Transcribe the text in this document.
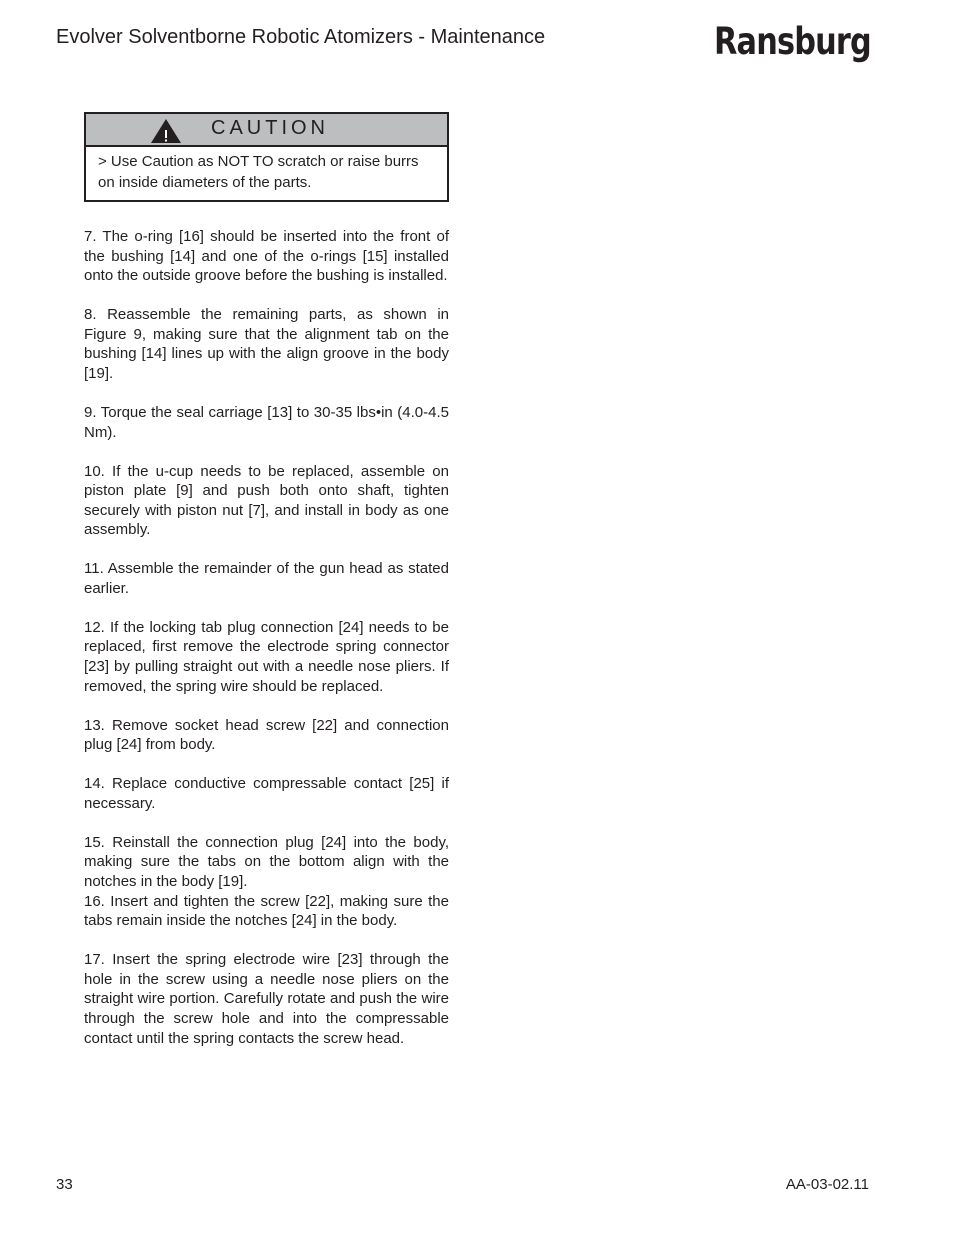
Evolver Solventborne Robotic Atomizers - Maintenance	Ransburg
CAUTION
> Use Caution as NOT TO scratch or raise burrs on inside diameters of the parts.

7. The o-ring [16] should be inserted into the front of the bushing [14] and one of the o-rings [15] installed onto the outside groove before the bushing is installed.

8. Reassemble the remaining parts, as shown in Figure 9, making sure that the alignment tab on the bushing [14] lines up with the align groove in the body [19].

9. Torque the seal carriage [13] to 30-35 lbs•in (4.0-4.5 Nm).

10. If the u-cup needs to be replaced, assemble on piston plate [9] and push both onto shaft, tighten securely with piston nut [7], and install in body as one assembly.

11. Assemble the remainder of the gun head as stated earlier.

12. If the locking tab plug connection [24] needs to be replaced, first remove the electrode spring connector [23] by pulling straight out with a needle nose pliers. If removed, the spring wire should be replaced.

13. Remove socket head screw [22] and connection plug [24] from body.

14. Replace conductive compressable contact [25] if necessary.

15. Reinstall the connection plug [24] into the body, making sure the tabs on the bottom align with the notches in the body [19].

16. Insert and tighten the screw [22], making sure the tabs remain inside the notches [24] in the body.

17. Insert the spring electrode wire [23] through the hole in the screw using a needle nose pliers on the straight wire portion. Carefully rotate and push the wire through the screw hole and into the compressable contact until the spring contacts the screw head.

33	AA-03-02.11
